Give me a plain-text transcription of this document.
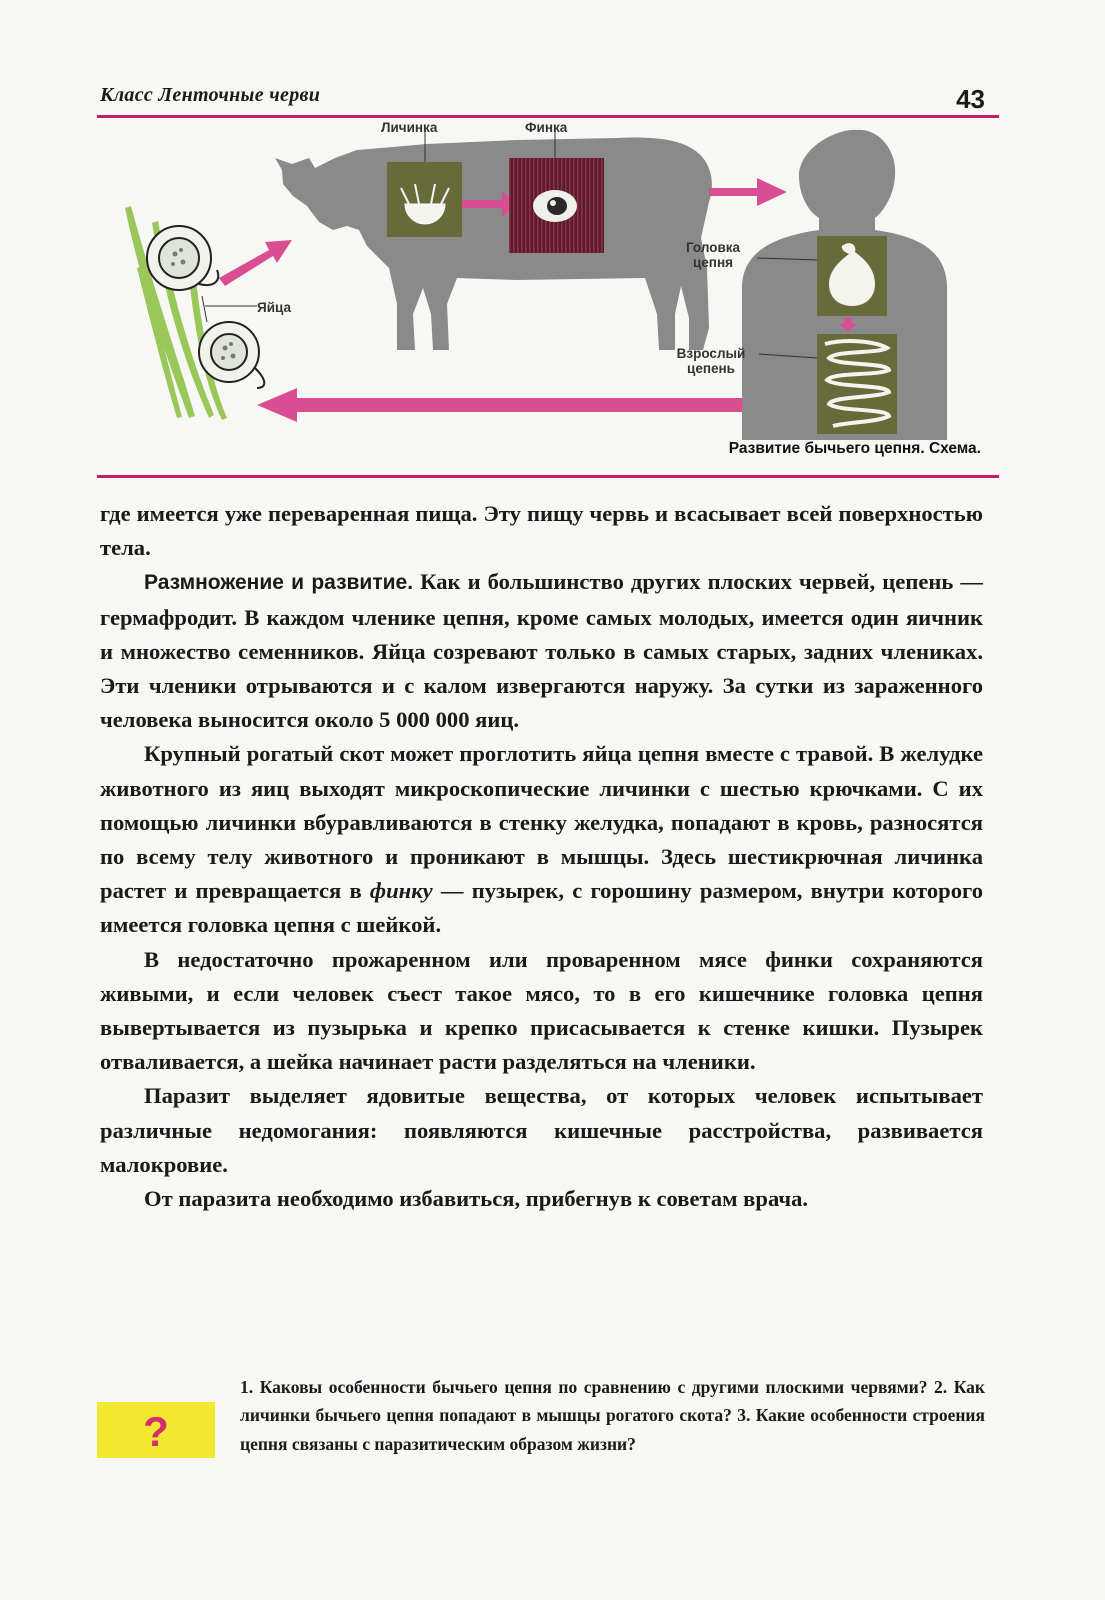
Класс Ленточные черви	43
Личинка	Финка
Яйца
Головка цепня
Взрослый цепень
Развитие бычьего цепня. Схема.

где имеется уже переваренная пища. Эту пищу червь и всасывает всей поверхностью тела.

Размножение и развитие. Как и большинство других плоских червей, цепень — гермафродит. В каждом членике цепня, кроме самых молодых, имеется один яичник и множество семенников. Яйца созревают только в самых старых, задних члениках. Эти членики отрываются и с калом извергаются наружу. За сутки из зараженного человека выносится около 5 000 000 яиц.

Крупный рогатый скот может проглотить яйца цепня вместе с травой. В желудке животного из яиц выходят микроскопические личинки с шестью крючками. С их помощью личинки вбуравливаются в стенку желудка, попадают в кровь, разносятся по всему телу животного и проникают в мышцы. Здесь шестикрючная личинка растет и превращается в финку — пузырек, с горошину размером, внутри которого имеется головка цепня с шейкой.

В недостаточно прожаренном или проваренном мясе финки сохраняются живыми, и если человек съест такое мясо, то в его кишечнике головка цепня вывертывается из пузырька и крепко присасывается к стенке кишки. Пузырек отваливается, а шейка начинает расти разделяться на членики.

Паразит выделяет ядовитые вещества, от которых человек испытывает различные недомогания: появляются кишечные расстройства, развивается малокровие.

От паразита необходимо избавиться, прибегнув к советам врача.

?
1. Каковы особенности бычьего цепня по сравнению с другими плоскими червями? 2. Как личинки бычьего цепня попадают в мышцы рогатого скота? 3. Какие особенности строения цепня связаны с паразитическим образом жизни?
